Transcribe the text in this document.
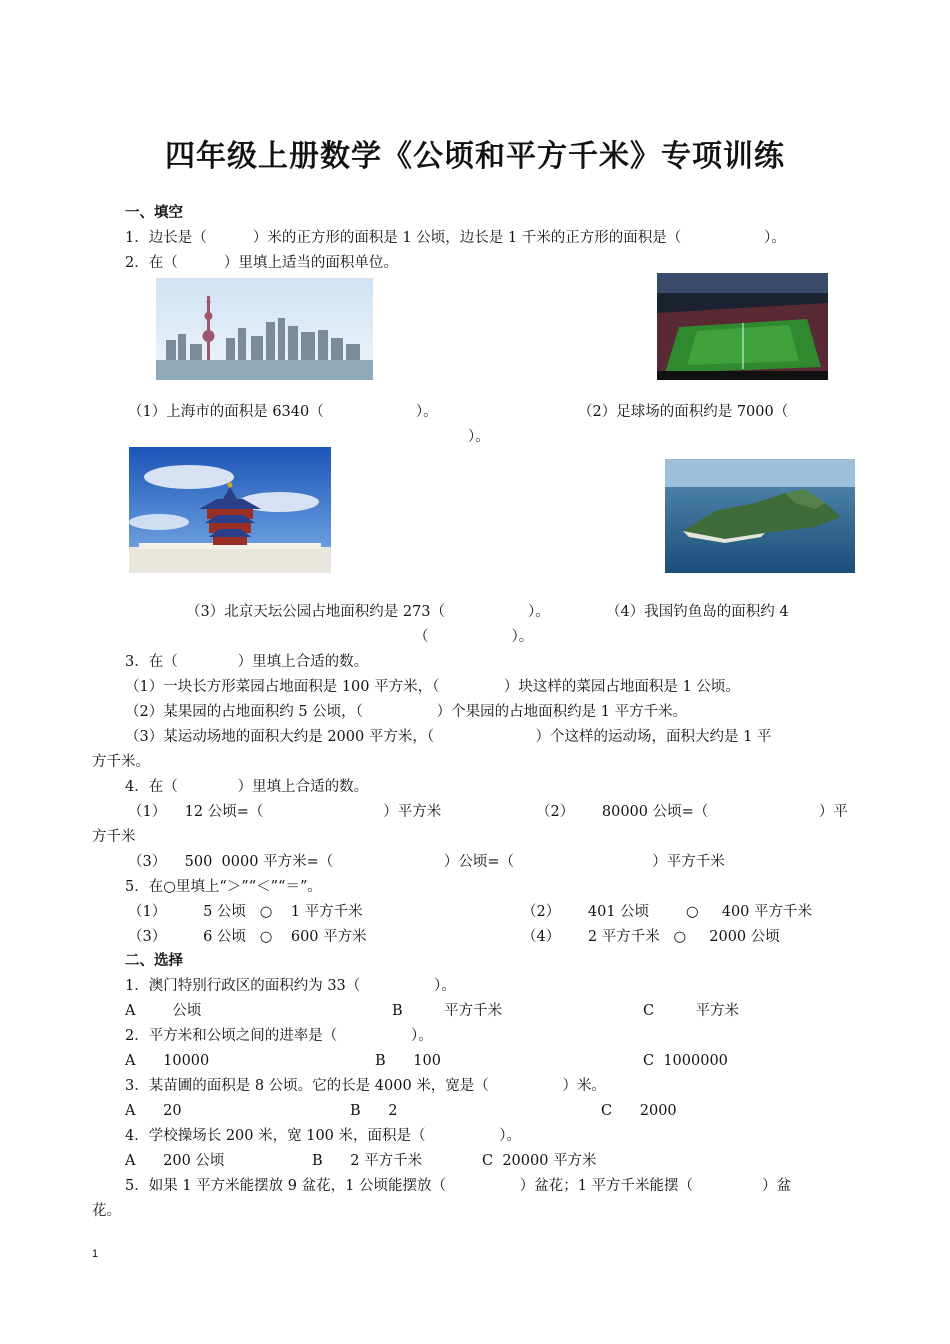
四年级上册数学《公顷和平方千米》专项训练
一、填空
1．边长是（          ）米的正方形的面积是 1 公顷，边长是 1 千米的正方形的面积是（                  ）。
2．在（          ）里填上适当的面积单位。
（1）上海市的面积是 6340（                    ）。	（2）足球场的面积约是 7000（
）。
（3）北京天坛公园占地面积约是 273（                  ）。	（4）我国钓鱼岛的面积约 4
（                  ）。
3．在（             ）里填上合适的数。
（1）一块长方形菜园占地面积是 100 平方米，（              ）块这样的菜园占地面积是 1 公顷。
（2）某果园的占地面积约 5 公顷，（                ）个果园的占地面积约是 1 平方千米。
（3）某运动场地的面积大约是 2000 平方米，（                      ）个这样的运动场，面积大约是 1 平
方千米。
4．在（             ）里填上合适的数。
（1）    12 公顷=（                          ）平方米	（2）      80000 公顷=（                        ）平
方千米
（3）    500  0000 平方米=（                        ）公顷=（                              ）平方千米
5．在○里填上“＞”“＜”“＝”。
（1）        5 公顷   ○    1 平方千米	（2）      401 公顷        ○     400 平方千米
（3）        6 公顷   ○    600 平方米	（4）      2 平方千米   ○     2000 公顷
二、选择
1．澳门特别行政区的面积约为 33（                ）。
A        公顷	B         平方千米	C         平方米
2．平方米和公顷之间的进率是（                ）。
A      10000	B      100	C  1000000
3．某苗圃的面积是 8 公顷。它的长是 4000 米，宽是（                ）米。
A      20	B      2	C      2000
4．学校操场长 200 米，宽 100 米，面积是（                ）。
A      200 公顷	B      2 平方千米	C  20000 平方米
5．如果 1 平方米能摆放 9 盆花，1 公顷能摆放（                ）盆花；1 平方千米能摆（               ）盆
花。
1
